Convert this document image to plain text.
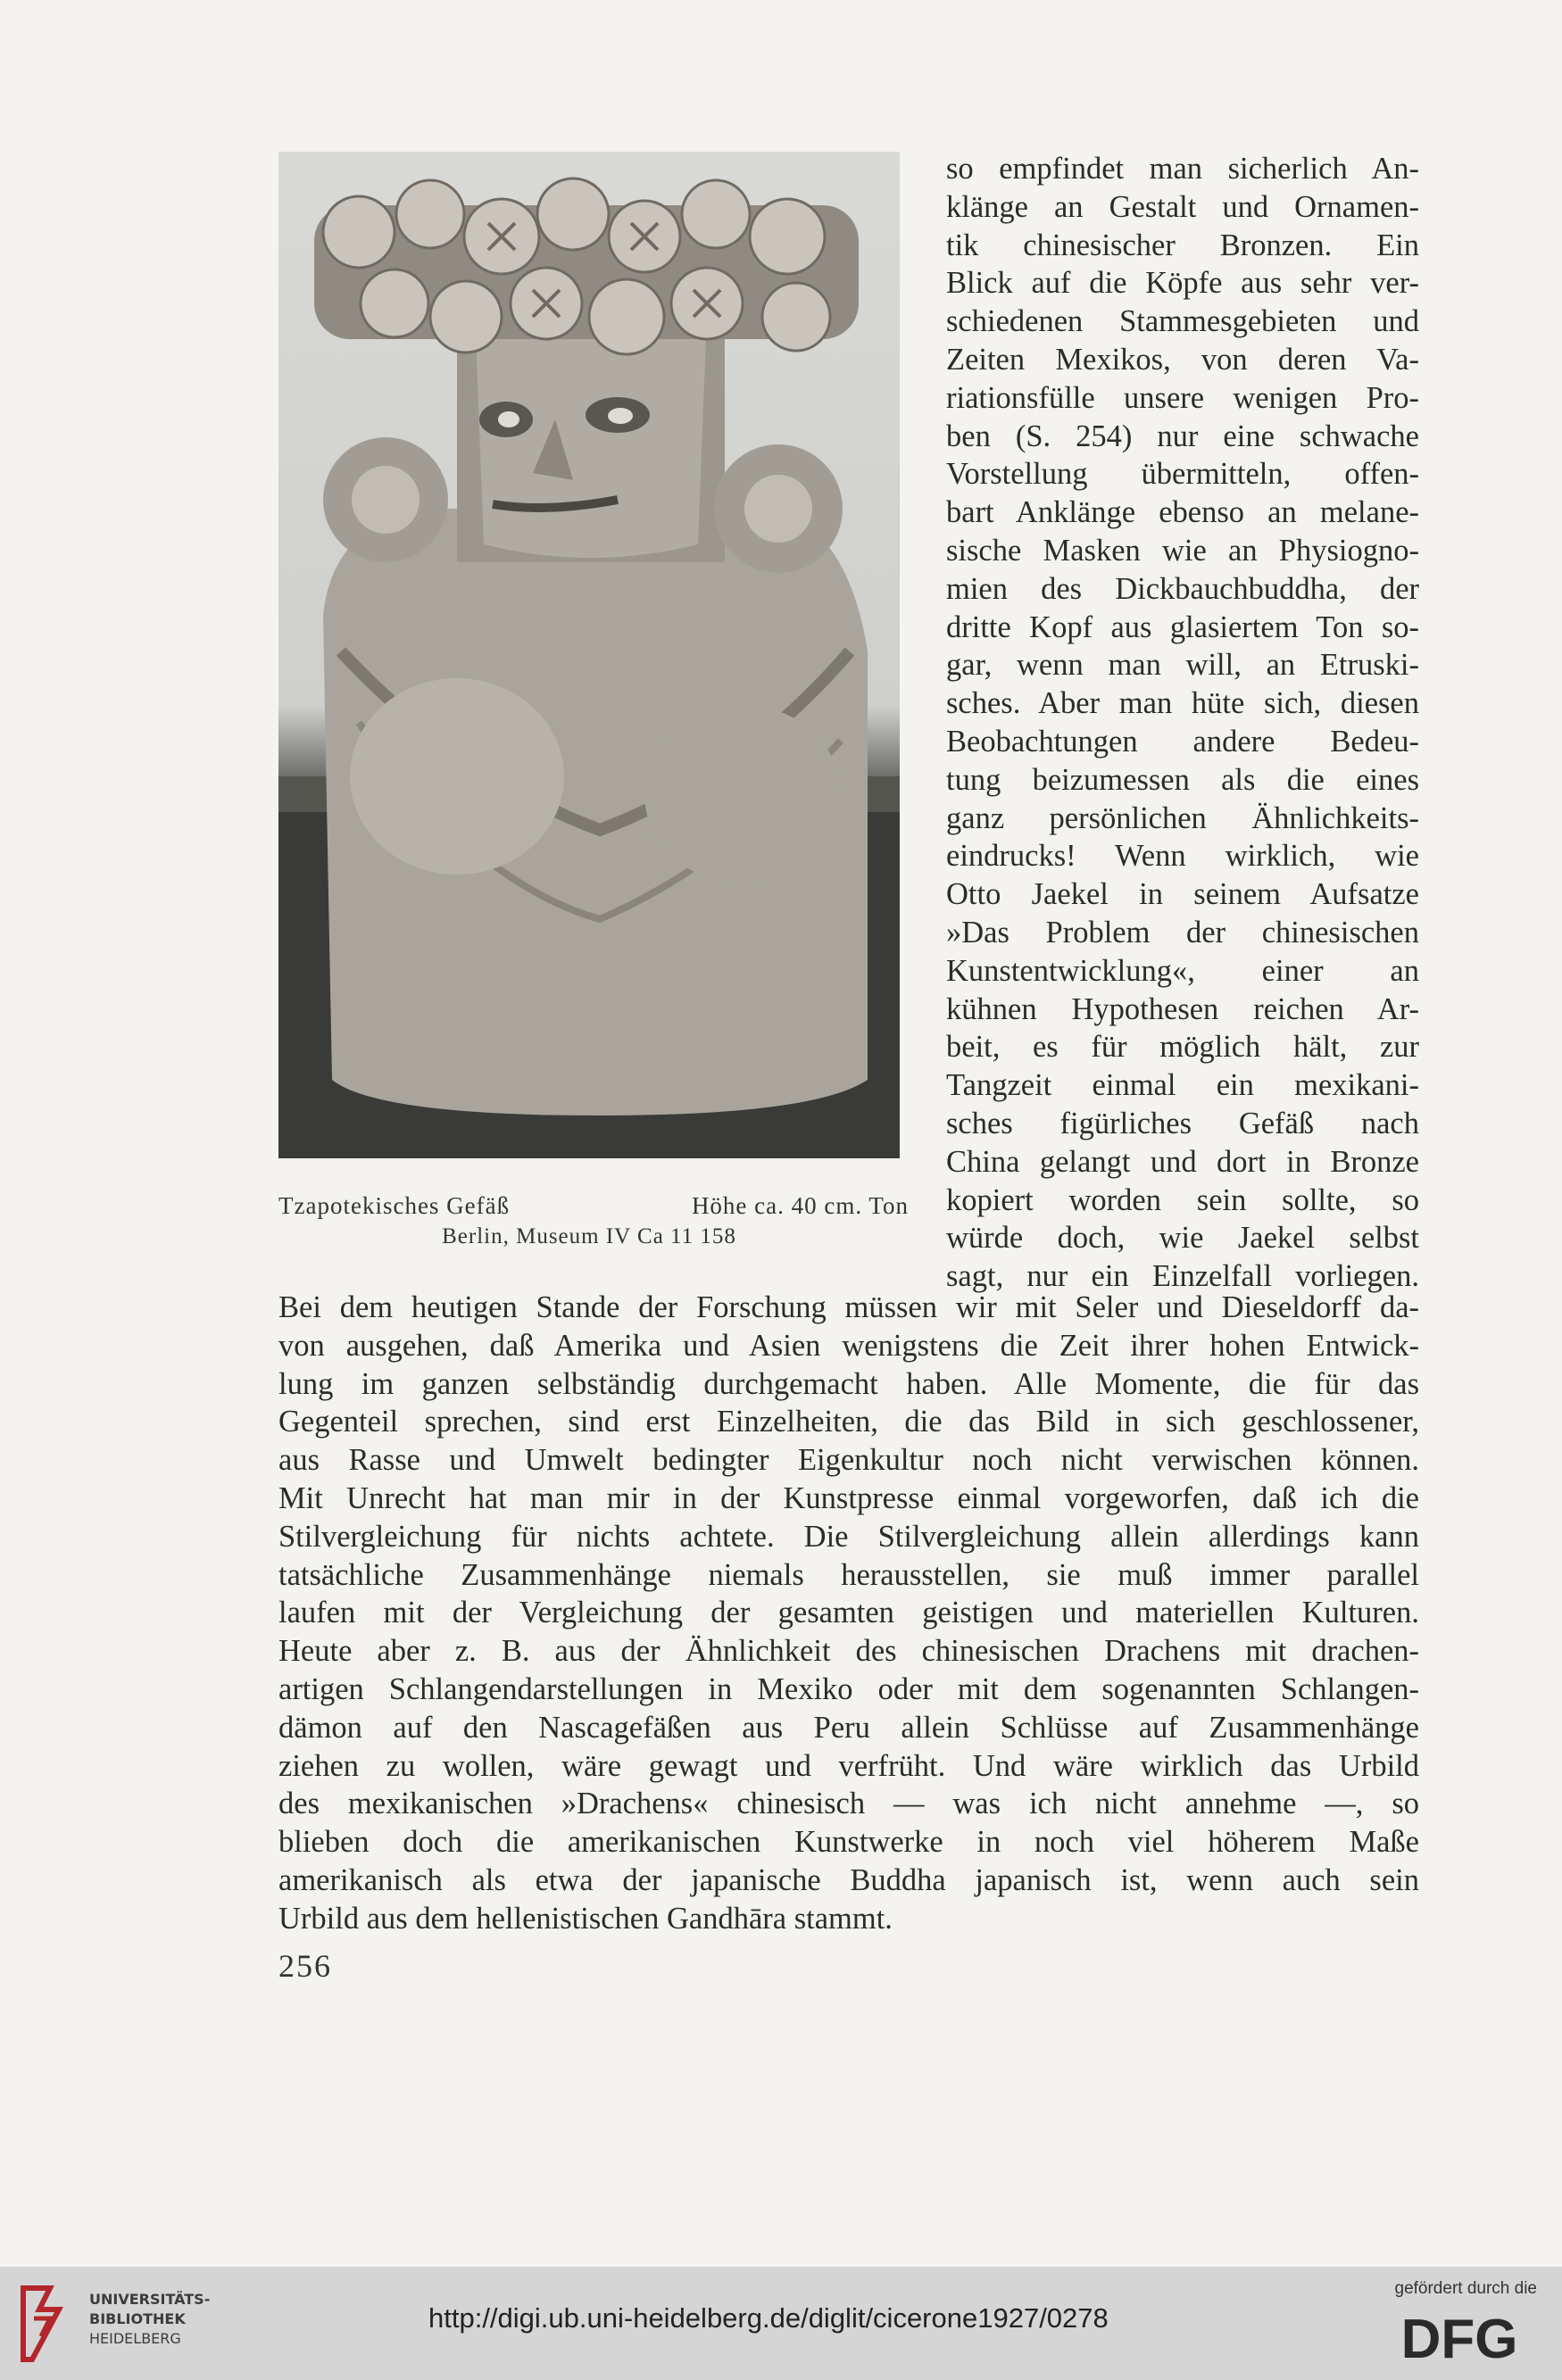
Tzapotekisches Gefäß	Höhe ca. 40 cm. Ton
Berlin, Museum IV Ca 11 158
so empfindet man sicherlich An-
klänge an Gestalt und Ornamen-
tik chinesischer Bronzen. Ein
Blick auf die Köpfe aus sehr ver-
schiedenen Stammesgebieten und
Zeiten Mexikos, von deren Va-
riationsfülle unsere wenigen Pro-
ben (S. 254) nur eine schwache
Vorstellung übermitteln, offen-
bart Anklänge ebenso an melane-
sische Masken wie an Physiogno-
mien des Dickbauchbuddha, der
dritte Kopf aus glasiertem Ton so-
gar, wenn man will, an Etruski-
sches. Aber man hüte sich, diesen
Beobachtungen andere Bedeu-
tung beizumessen als die eines
ganz persönlichen Ähnlichkeits-
eindrucks! Wenn wirklich, wie
Otto Jaekel in seinem Aufsatze
»Das Problem der chinesischen
Kunstentwicklung«, einer an
kühnen Hypothesen reichen Ar-
beit, es für möglich hält, zur
Tangzeit einmal ein mexikani-
sches figürliches Gefäß nach
China gelangt und dort in Bronze
kopiert worden sein sollte, so
würde doch, wie Jaekel selbst
sagt, nur ein Einzelfall vorliegen.
Bei dem heutigen Stande der Forschung müssen wir mit Seler und Dieseldorff da-
von ausgehen, daß Amerika und Asien wenigstens die Zeit ihrer hohen Entwick-
lung im ganzen selbständig durchgemacht haben. Alle Momente, die für das
Gegenteil sprechen, sind erst Einzelheiten, die das Bild in sich geschlossener,
aus Rasse und Umwelt bedingter Eigenkultur noch nicht verwischen können.
Mit Unrecht hat man mir in der Kunstpresse einmal vorgeworfen, daß ich die
Stilvergleichung für nichts achtete. Die Stilvergleichung allein allerdings kann
tatsächliche Zusammenhänge niemals herausstellen, sie muß immer parallel
laufen mit der Vergleichung der gesamten geistigen und materiellen Kulturen.
Heute aber z. B. aus der Ähnlichkeit des chinesischen Drachens mit drachen-
artigen Schlangendarstellungen in Mexiko oder mit dem sogenannten Schlangen-
dämon auf den Nascagefäßen aus Peru allein Schlüsse auf Zusammenhänge
ziehen zu wollen, wäre gewagt und verfrüht. Und wäre wirklich das Urbild
des mexikanischen »Drachens« chinesisch — was ich nicht annehme —, so
blieben doch die amerikanischen Kunstwerke in noch viel höherem Maße
amerikanisch als etwa der japanische Buddha japanisch ist, wenn auch sein
Urbild aus dem hellenistischen Gandhāra stammt.
256
UNIVERSITÄTS-
BIBLIOTHEK
HEIDELBERG
http://digi.ub.uni-heidelberg.de/diglit/cicerone1927/0278
gefördert durch die
DFG
